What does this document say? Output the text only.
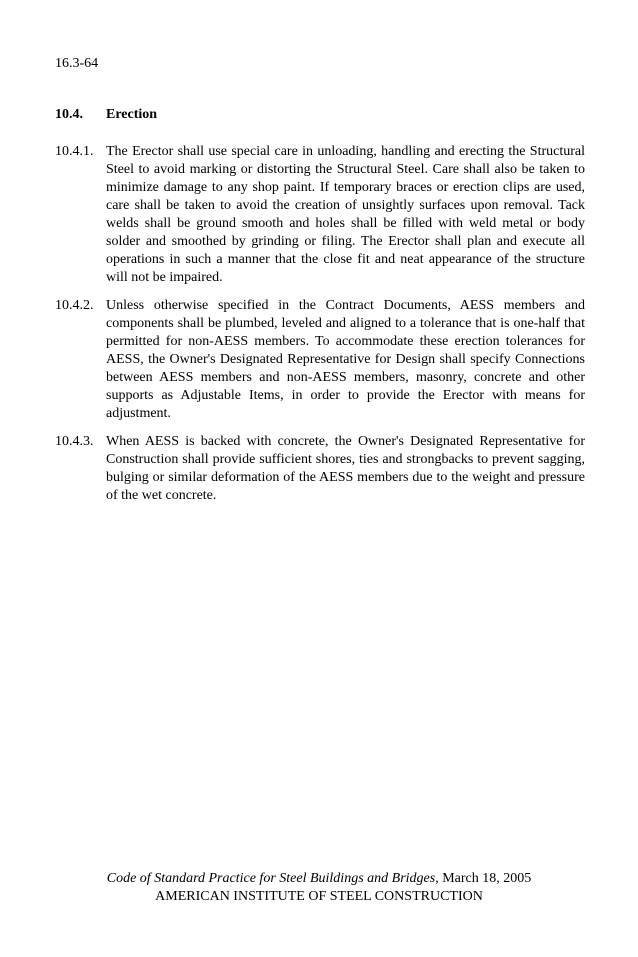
16.3-64
10.4. Erection
10.4.1. The Erector shall use special care in unloading, handling and erecting the Structural Steel to avoid marking or distorting the Structural Steel. Care shall also be taken to minimize damage to any shop paint. If temporary braces or erection clips are used, care shall be taken to avoid the creation of unsightly surfaces upon removal. Tack welds shall be ground smooth and holes shall be filled with weld metal or body solder and smoothed by grinding or filing. The Erector shall plan and execute all operations in such a manner that the close fit and neat appearance of the structure will not be impaired.
10.4.2. Unless otherwise specified in the Contract Documents, AESS members and components shall be plumbed, leveled and aligned to a tolerance that is one-half that permitted for non-AESS members. To accommodate these erection tolerances for AESS, the Owner's Designated Representative for Design shall specify Connections between AESS members and non-AESS members, masonry, concrete and other supports as Adjustable Items, in order to provide the Erector with means for adjustment.
10.4.3. When AESS is backed with concrete, the Owner's Designated Representative for Construction shall provide sufficient shores, ties and strongbacks to prevent sagging, bulging or similar deformation of the AESS members due to the weight and pressure of the wet concrete.
Code of Standard Practice for Steel Buildings and Bridges, March 18, 2005
AMERICAN INSTITUTE OF STEEL CONSTRUCTION
